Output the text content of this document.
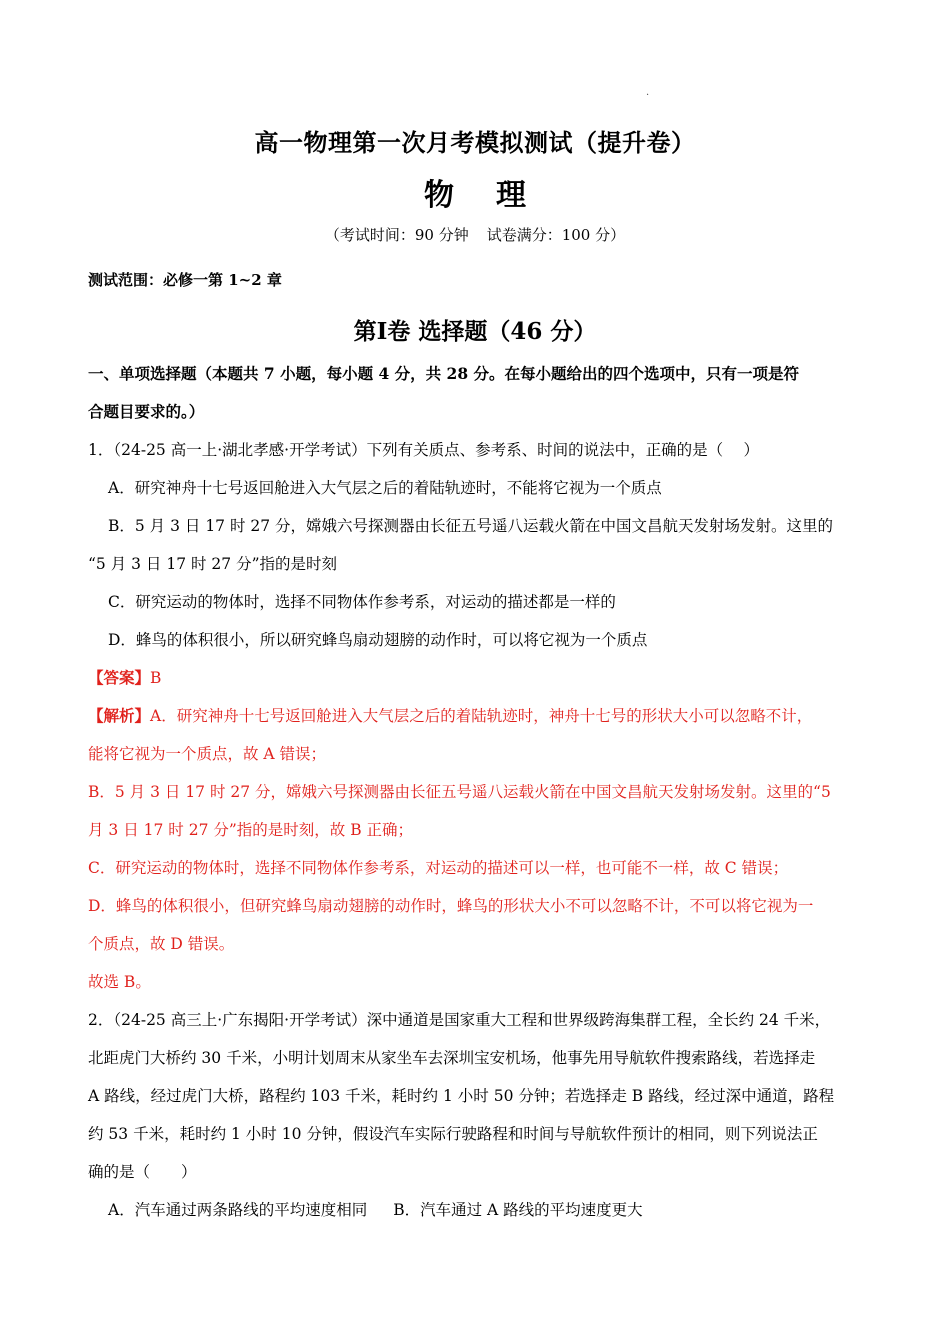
·
高一物理第一次月考模拟测试（提升卷）
物 理
（考试时间：90 分钟 试卷满分：100 分）
测试范围：必修一第 1~2 章
第I卷 选择题（46 分）
一、单项选择题（本题共 7 小题，每小题 4 分，共 28 分。在每小题给出的四个选项中，只有一项是符
合题目要求的。）
1．（24-25 高一上·湖北孝感·开学考试）下列有关质点、参考系、时间的说法中，正确的是（　 ）
A．研究神舟十七号返回舱进入大气层之后的着陆轨迹时，不能将它视为一个质点
B．5 月 3 日 17 时 27 分，嫦娥六号探测器由长征五号遥八运载火箭在中国文昌航天发射场发射。这里的
“5 月 3 日 17 时 27 分”指的是时刻
C．研究运动的物体时，选择不同物体作参考系，对运动的描述都是一样的
D．蜂鸟的体积很小，所以研究蜂鸟扇动翅膀的动作时，可以将它视为一个质点
【答案】B
【解析】A．研究神舟十七号返回舱进入大气层之后的着陆轨迹时，神舟十七号的形状大小可以忽略不计，
能将它视为一个质点，故 A 错误；
B．5 月 3 日 17 时 27 分，嫦娥六号探测器由长征五号遥八运载火箭在中国文昌航天发射场发射。这里的“5
月 3 日 17 时 27 分”指的是时刻，故 B 正确；
C．研究运动的物体时，选择不同物体作参考系，对运动的描述可以一样，也可能不一样，故 C 错误；
D．蜂鸟的体积很小，但研究蜂鸟扇动翅膀的动作时，蜂鸟的形状大小不可以忽略不计，不可以将它视为一
个质点，故 D 错误。
故选 B。
2．（24-25 高三上·广东揭阳·开学考试）深中通道是国家重大工程和世界级跨海集群工程，全长约 24 千米，
北距虎门大桥约 30 千米，小明计划周末从家坐车去深圳宝安机场，他事先用导航软件搜索路线，若选择走
A 路线，经过虎门大桥，路程约 103 千米，耗时约 1 小时 50 分钟；若选择走 B 路线，经过深中通道，路程
约 53 千米，耗时约 1 小时 10 分钟，假设汽车实际行驶路程和时间与导航软件预计的相同，则下列说法正
确的是（　　）
A．汽车通过两条路线的平均速度相同 B．汽车通过 A 路线的平均速度更大
